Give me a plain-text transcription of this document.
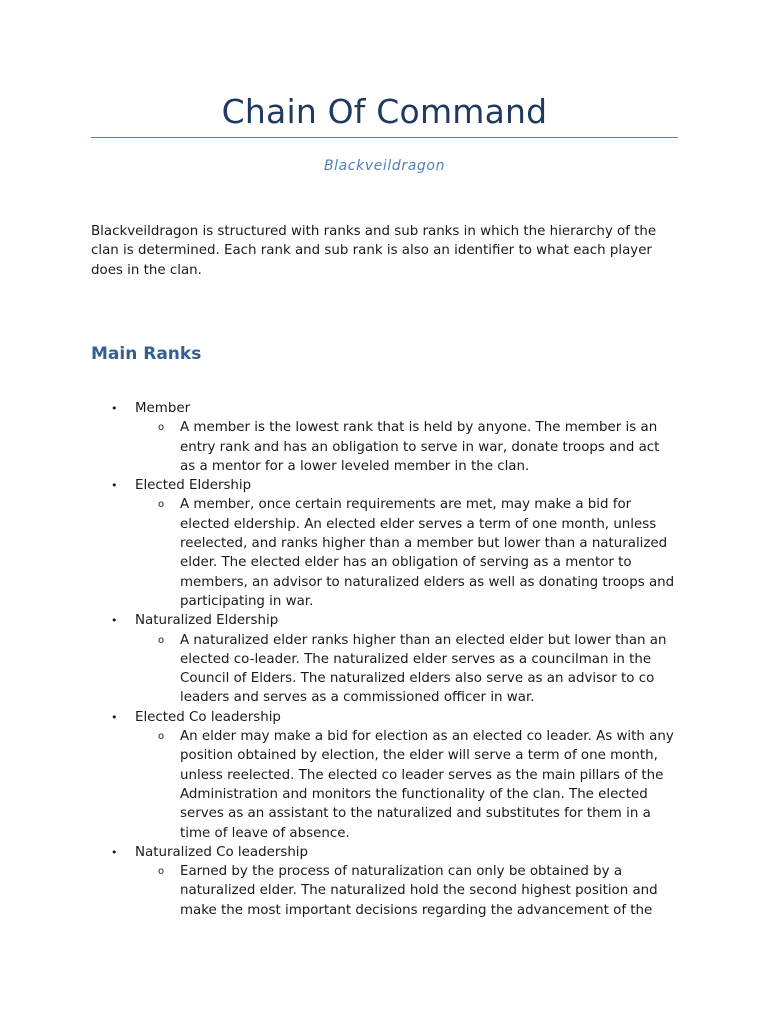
Chain Of Command
Blackveildragon

Blackveildragon is structured with ranks and sub ranks in which the hierarchy of the clan is determined. Each rank and sub rank is also an identifier to what each player does in the clan.

Main Ranks
• Member
o A member is the lowest rank that is held by anyone. The member is an entry rank and has an obligation to serve in war, donate troops and act as a mentor for a lower leveled member in the clan.
• Elected Eldership
o A member, once certain requirements are met, may make a bid for elected eldership. An elected elder serves a term of one month, unless reelected, and ranks higher than a member but lower than a naturalized elder. The elected elder has an obligation of serving as a mentor to members, an advisor to naturalized elders as well as donating troops and participating in war.
• Naturalized Eldership
o A naturalized elder ranks higher than an elected elder but lower than an elected co-leader. The naturalized elder serves as a councilman in the Council of Elders. The naturalized elders also serve as an advisor to co leaders and serves as a commissioned officer in war.
• Elected Co leadership
o An elder may make a bid for election as an elected co leader. As with any position obtained by election, the elder will serve a term of one month, unless reelected. The elected co leader serves as the main pillars of the Administration and monitors the functionality of the clan. The elected serves as an assistant to the naturalized and substitutes for them in a time of leave of absence.
• Naturalized Co leadership
o Earned by the process of naturalization can only be obtained by a naturalized elder. The naturalized hold the second highest position and make the most important decisions regarding the advancement of the
